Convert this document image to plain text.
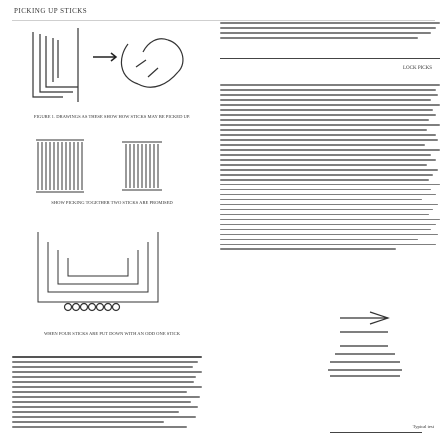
PICKING UP STICKS
FIGURE 1. DRAWINGS AS THESE SHOW HOW STICKS MAY BE PICKED UP.
SHOW PICKING TOGETHER TWO STICKS ARE PROMISED
WHEN FOUR STICKS ARE PUT DOWN WITH AN ODD ONE STICK
LOCK PICKS
Typical test
